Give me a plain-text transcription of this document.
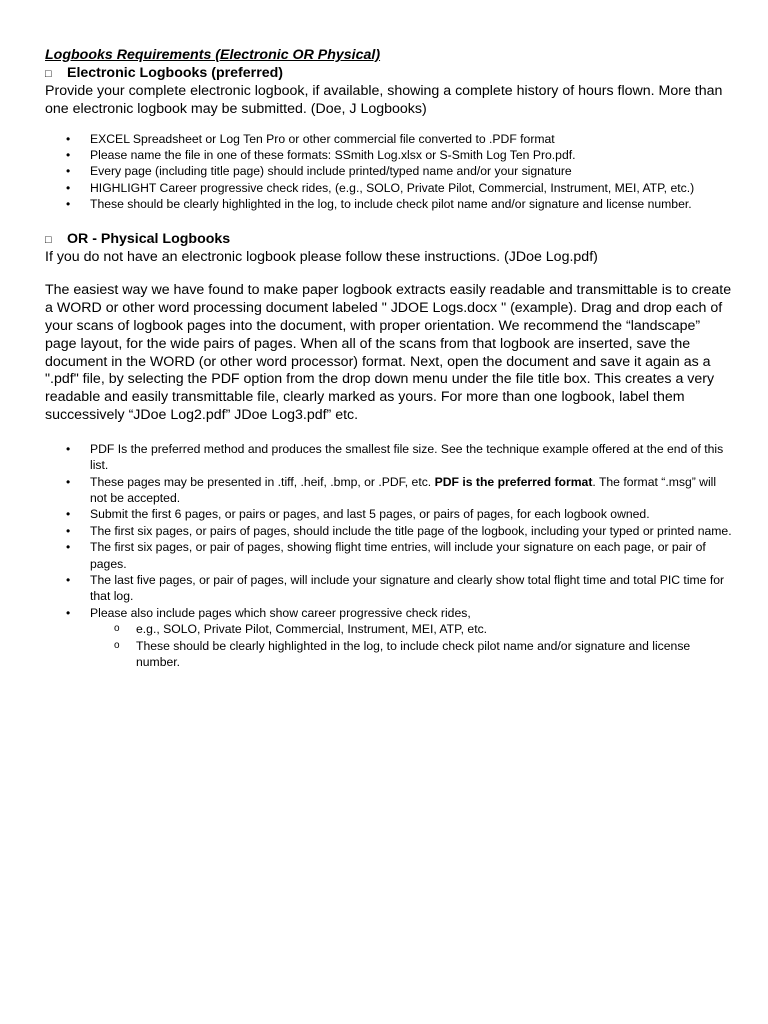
Logbooks Requirements (Electronic OR Physical)

□	Electronic Logbooks (preferred)

Provide your complete electronic logbook, if available, showing a complete history of hours flown. More than one electronic logbook may be submitted. (Doe, J Logbooks)

• EXCEL Spreadsheet or Log Ten Pro or other commercial file converted to .PDF format
• Please name the file in one of these formats: SSmith Log.xlsx or S-Smith Log Ten Pro.pdf.
• Every page (including title page) should include printed/typed name and/or your signature
• HIGHLIGHT Career progressive check rides, (e.g., SOLO, Private Pilot, Commercial, Instrument, MEI, ATP, etc.)
• These should be clearly highlighted in the log, to include check pilot name and/or signature and license number.

□	OR - Physical Logbooks

If you do not have an electronic logbook please follow these instructions. (JDoe Log.pdf)

The easiest way we have found to make paper logbook extracts easily readable and transmittable is to create a WORD or other word processing document labeled " JDOE Logs.docx " (example). Drag and drop each of your scans of logbook pages into the document, with proper orientation. We recommend the “landscape” page layout, for the wide pairs of pages. When all of the scans from that logbook are inserted, save the document in the WORD (or other word processor) format. Next, open the document and save it again as a ".pdf" file, by selecting the PDF option from the drop down menu under the file title box. This creates a very readable and easily transmittable file, clearly marked as yours. For more than one logbook, label them successively “JDoe Log2.pdf” JDoe Log3.pdf” etc.

• PDF Is the preferred method and produces the smallest file size. See the technique example offered at the end of this list.
• These pages may be presented in .tiff, .heif, .bmp, or .PDF, etc. PDF is the preferred format. The format “.msg” will not be accepted.
• Submit the first 6 pages, or pairs or pages, and last 5 pages, or pairs of pages, for each logbook owned.
• The first six pages, or pairs of pages, should include the title page of the logbook, including your typed or printed name.
• The first six pages, or pair of pages, showing flight time entries, will include your signature on each page, or pair of pages.
• The last five pages, or pair of pages, will include your signature and clearly show total flight time and total PIC time for that log.
• Please also include pages which show career progressive check rides,
o e.g., SOLO, Private Pilot, Commercial, Instrument, MEI, ATP, etc.
o These should be clearly highlighted in the log, to include check pilot name and/or signature and license number.
